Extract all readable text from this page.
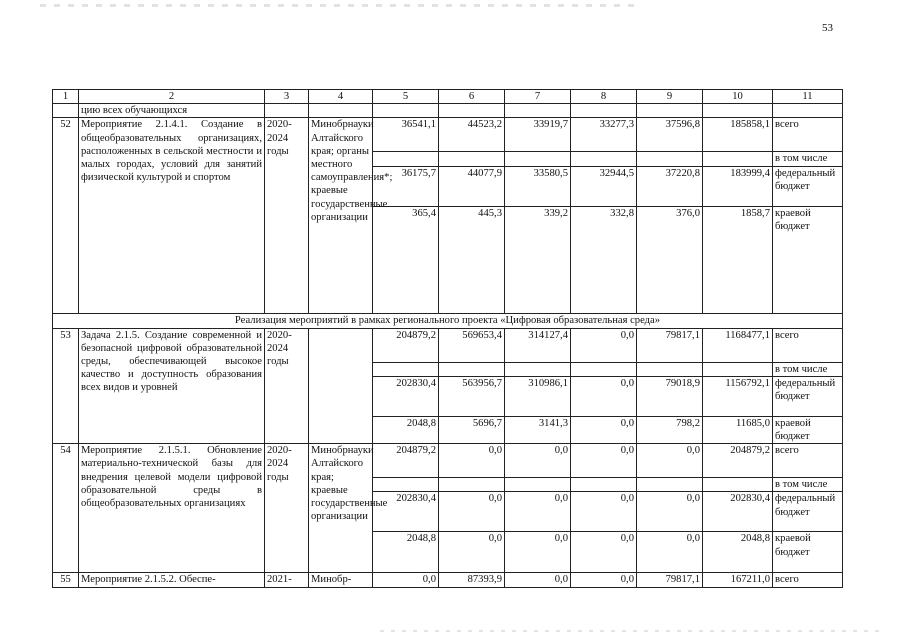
53
1	2	3	4	5	6	7	8	9	10	11
	цию всех обучающихся									
52	Мероприятие 2.1.4.1. Создание в общеобразовательных организациях, расположенных в сельской местности и малых городах, условий для занятий физической культурой и спортом	2020-2024 годы	Минобрнауки Алтайского края; органы местного самоуправления*; краевые государственные организации	36541,1	44523,2	33919,7	33277,3	37596,8	185858,1	всего
										в том числе
				36175,7	44077,9	33580,5	32944,5	37220,8	183999,4	федеральный бюджет
				365,4	445,3	339,2	332,8	376,0	1858,7	краевой бюджет
Реализация мероприятий в рамках регионального проекта «Цифровая образовательная среда»										
53	Задача 2.1.5. Создание современной и безопасной цифровой образовательной среды, обеспечивающей высокое качество и доступность образования всех видов и уровней	2020-2024 годы		204879,2	569653,4	314127,4	0,0	79817,1	1168477,1	всего
										в том числе
				202830,4	563956,7	310986,1	0,0	79018,9	1156792,1	федеральный бюджет
				2048,8	5696,7	3141,3	0,0	798,2	11685,0	краевой бюджет
54	Мероприятие 2.1.5.1. Обновление материально-технической базы для внедрения целевой модели цифровой образовательной среды в общеобразовательных организациях	2020-2024 годы	Минобрнауки Алтайского края; краевые государственные организации	204879,2	0,0	0,0	0,0	0,0	204879,2	всего
										в том числе
				202830,4	0,0	0,0	0,0	0,0	202830,4	федеральный бюджет
				2048,8	0,0	0,0	0,0	0,0	2048,8	краевой бюджет
55	Мероприятие 2.1.5.2. Обеспе-	2021-	Минобр-	0,0	87393,9	0,0	0,0	79817,1	167211,0	всего
